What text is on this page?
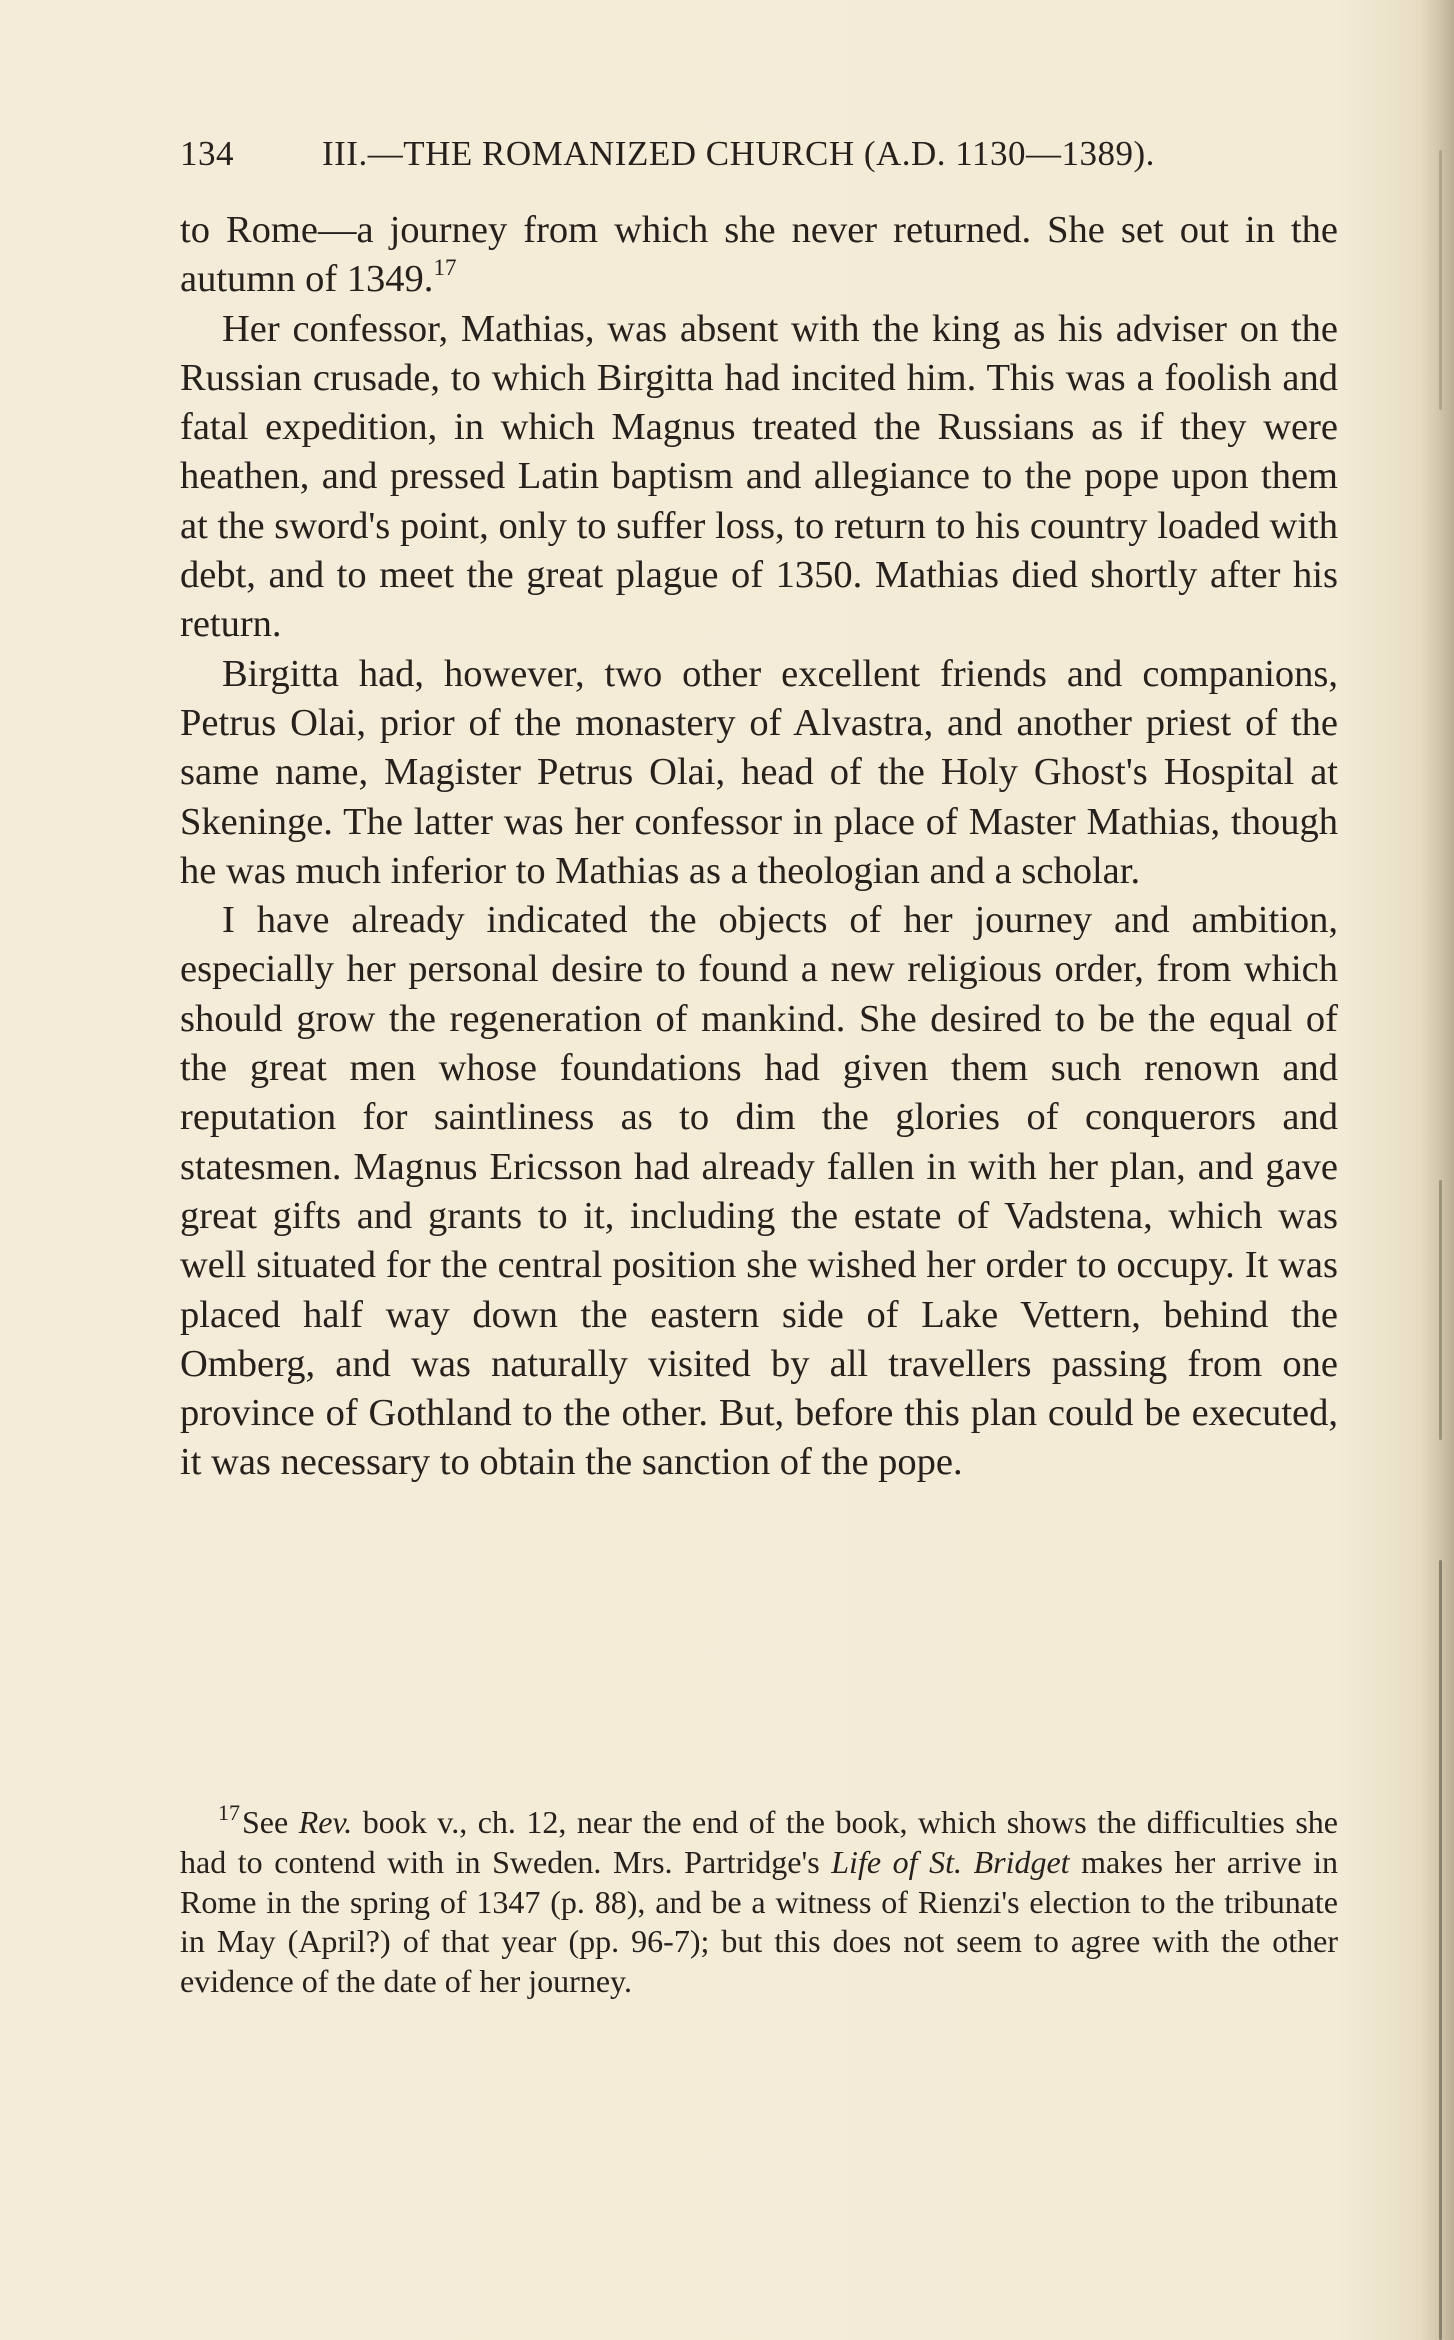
134	III.—THE ROMANIZED CHURCH (A.D. 1130—1389).

to Rome—a journey from which she never returned. She set out in the autumn of 1349.17

Her confessor, Mathias, was absent with the king as his adviser on the Russian crusade, to which Birgitta had incited him. This was a foolish and fatal expedition, in which Magnus treated the Russians as if they were heathen, and pressed Latin baptism and allegiance to the pope upon them at the sword's point, only to suffer loss, to return to his country loaded with debt, and to meet the great plague of 1350. Mathias died shortly after his return.

Birgitta had, however, two other excellent friends and companions, Petrus Olai, prior of the monastery of Alvastra, and another priest of the same name, Magister Petrus Olai, head of the Holy Ghost's Hospital at Skeninge. The latter was her confessor in place of Master Mathias, though he was much inferior to Mathias as a theologian and a scholar.

I have already indicated the objects of her journey and ambition, especially her personal desire to found a new religious order, from which should grow the regeneration of mankind. She desired to be the equal of the great men whose foundations had given them such renown and reputation for saintliness as to dim the glories of conquerors and statesmen. Magnus Ericsson had already fallen in with her plan, and gave great gifts and grants to it, including the estate of Vadstena, which was well situated for the central position she wished her order to occupy. It was placed half way down the eastern side of Lake Vettern, behind the Omberg, and was naturally visited by all travellers passing from one province of Gothland to the other. But, before this plan could be executed, it was necessary to obtain the sanction of the pope.

$^{17}$See Rev. book v., ch. 12, near the end of the book, which shows the difficulties she had to contend with in Sweden. Mrs. Partridge's Life of St. Bridget makes her arrive in Rome in the spring of 1347 (p. 88), and be a witness of Rienzi's election to the tribunate in May (April?) of that year (pp. 96-7); but this does not seem to agree with the other evidence of the date of her journey.
